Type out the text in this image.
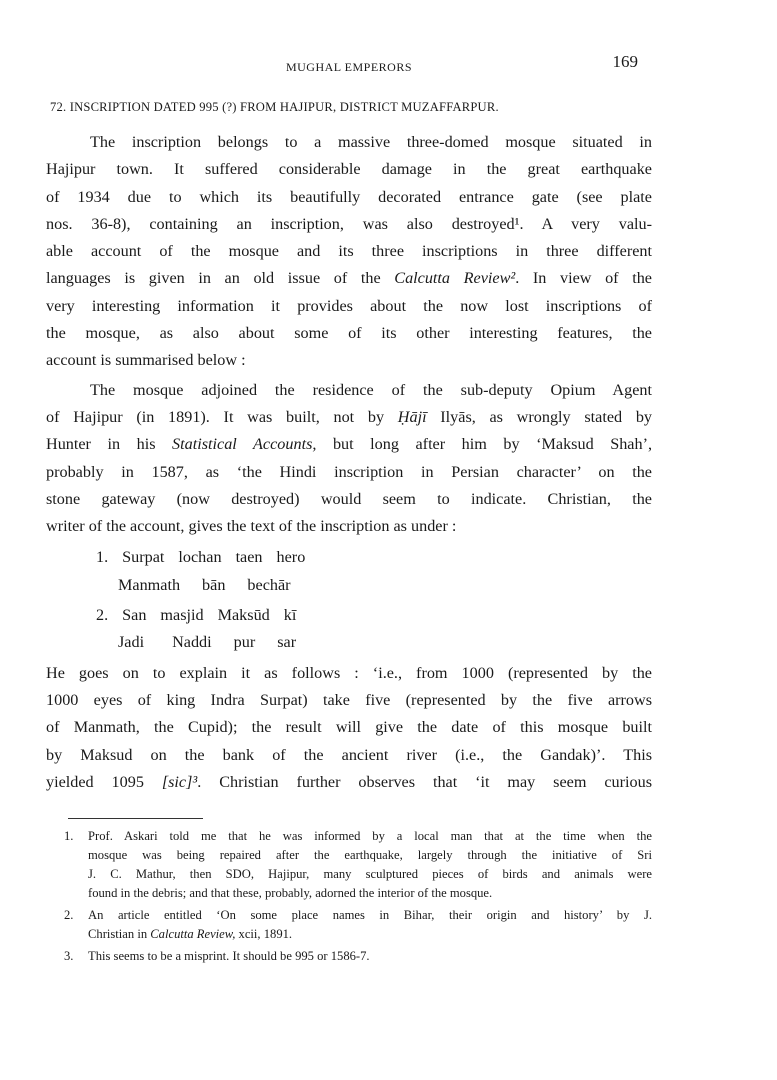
MUGHAL EMPERORS	169
72. INSCRIPTION DATED 995 (?) FROM HAJIPUR, DISTRICT MUZAFFARPUR.

The inscription belongs to a massive three-domed mosque situated in
Hajipur town. It suffered considerable damage in the great earthquake
of 1934 due to which its beautifully decorated entrance gate (see plate
nos. 36-8), containing an inscription, was also destroyed¹. A very valu-
able account of the mosque and its three inscriptions in three different
languages is given in an old issue of the Calcutta Review². In view of the
very interesting information it provides about the now lost inscriptions of
the mosque, as also about some of its other interesting features, the
account is summarised below :

The mosque adjoined the residence of the sub-deputy Opium Agent
of Hajipur (in 1891). It was built, not by Ḥājī Ilyās, as wrongly stated by
Hunter in his Statistical Accounts, but long after him by ‘Maksud Shah’,
probably in 1587, as ‘the Hindi inscription in Persian character’ on the
stone gateway (now destroyed) would seem to indicate. Christian, the
writer of the account, gives the text of the inscription as under :

1. Surpat lochan taen hero
Manmath bān bechār
2. San masjid Maksūd kī
Jadi Naddi pur sar

He goes on to explain it as follows : ‘i.e., from 1000 (represented by the
1000 eyes of king Indra Surpat) take five (represented by the five arrows
of Manmath, the Cupid); the result will give the date of this mosque built
by Maksud on the bank of the ancient river (i.e., the Gandak)’. This
yielded 1095 [sic]³. Christian further observes that ‘it may seem curious

1.	Prof. Askari told me that he was informed by a local man that at the time when the
mosque was being repaired after the earthquake, largely through the initiative of Sri
J. C. Mathur, then SDO, Hajipur, many sculptured pieces of birds and animals were
found in the debris; and that these, probably, adorned the interior of the mosque.
2.	An article entitled ‘On some place names in Bihar, their origin and history’ by J.
Christian in Calcutta Review, xcii, 1891.
3.	This seems to be a misprint. It should be 995 or 1586-7.
